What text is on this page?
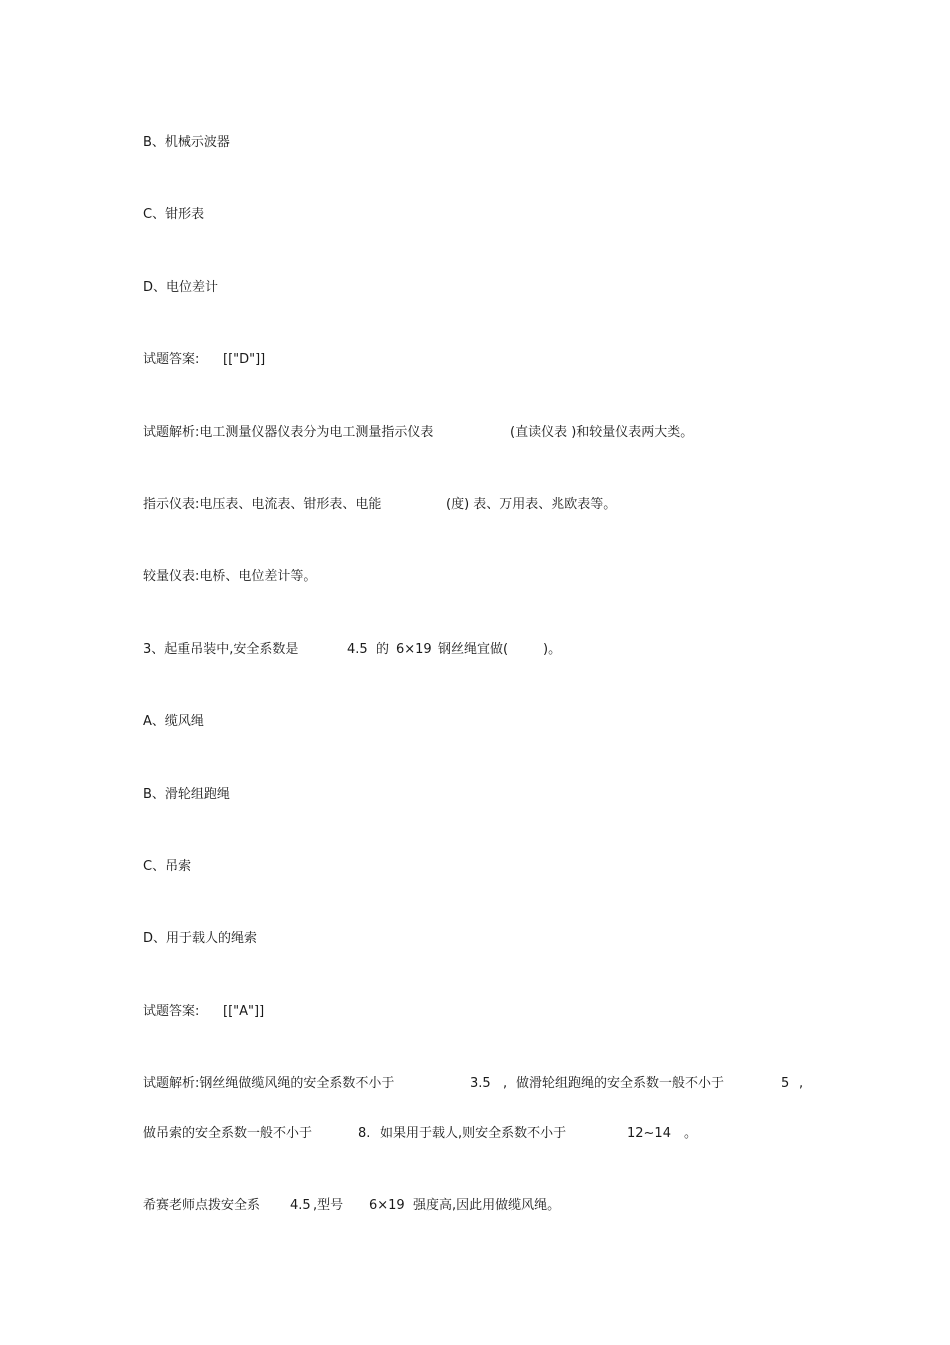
B、机械示波器
C、钳形表
D、电位差计
试题答案: [["D"]]
试题解析:电工测量仪器仪表分为电工测量指示仪表	(直读仪表 )和较量仪表两大类。
指示仪表:电压表、电流表、钳形表、电能	(度) 表、万用表、兆欧表等。
较量仪表:电桥、电位差计等。
3、起重吊装中,安全系数是	4.5 的 6×19 钢丝绳宜做(	)。
A、缆风绳
B、滑轮组跑绳
C、吊索
D、用于载人的绳索
试题答案: [["A"]]
试题解析:钢丝绳做缆风绳的安全系数不小于	3.5 , 做滑轮组跑绳的安全系数一般不小于	5 ,
做吊索的安全系数一般不小于	8. 如果用于载人,则安全系数不小于	12~14 。
希赛老师点拨安全系 4.5 ,型号 6×19 强度高,因此用做缆风绳。
